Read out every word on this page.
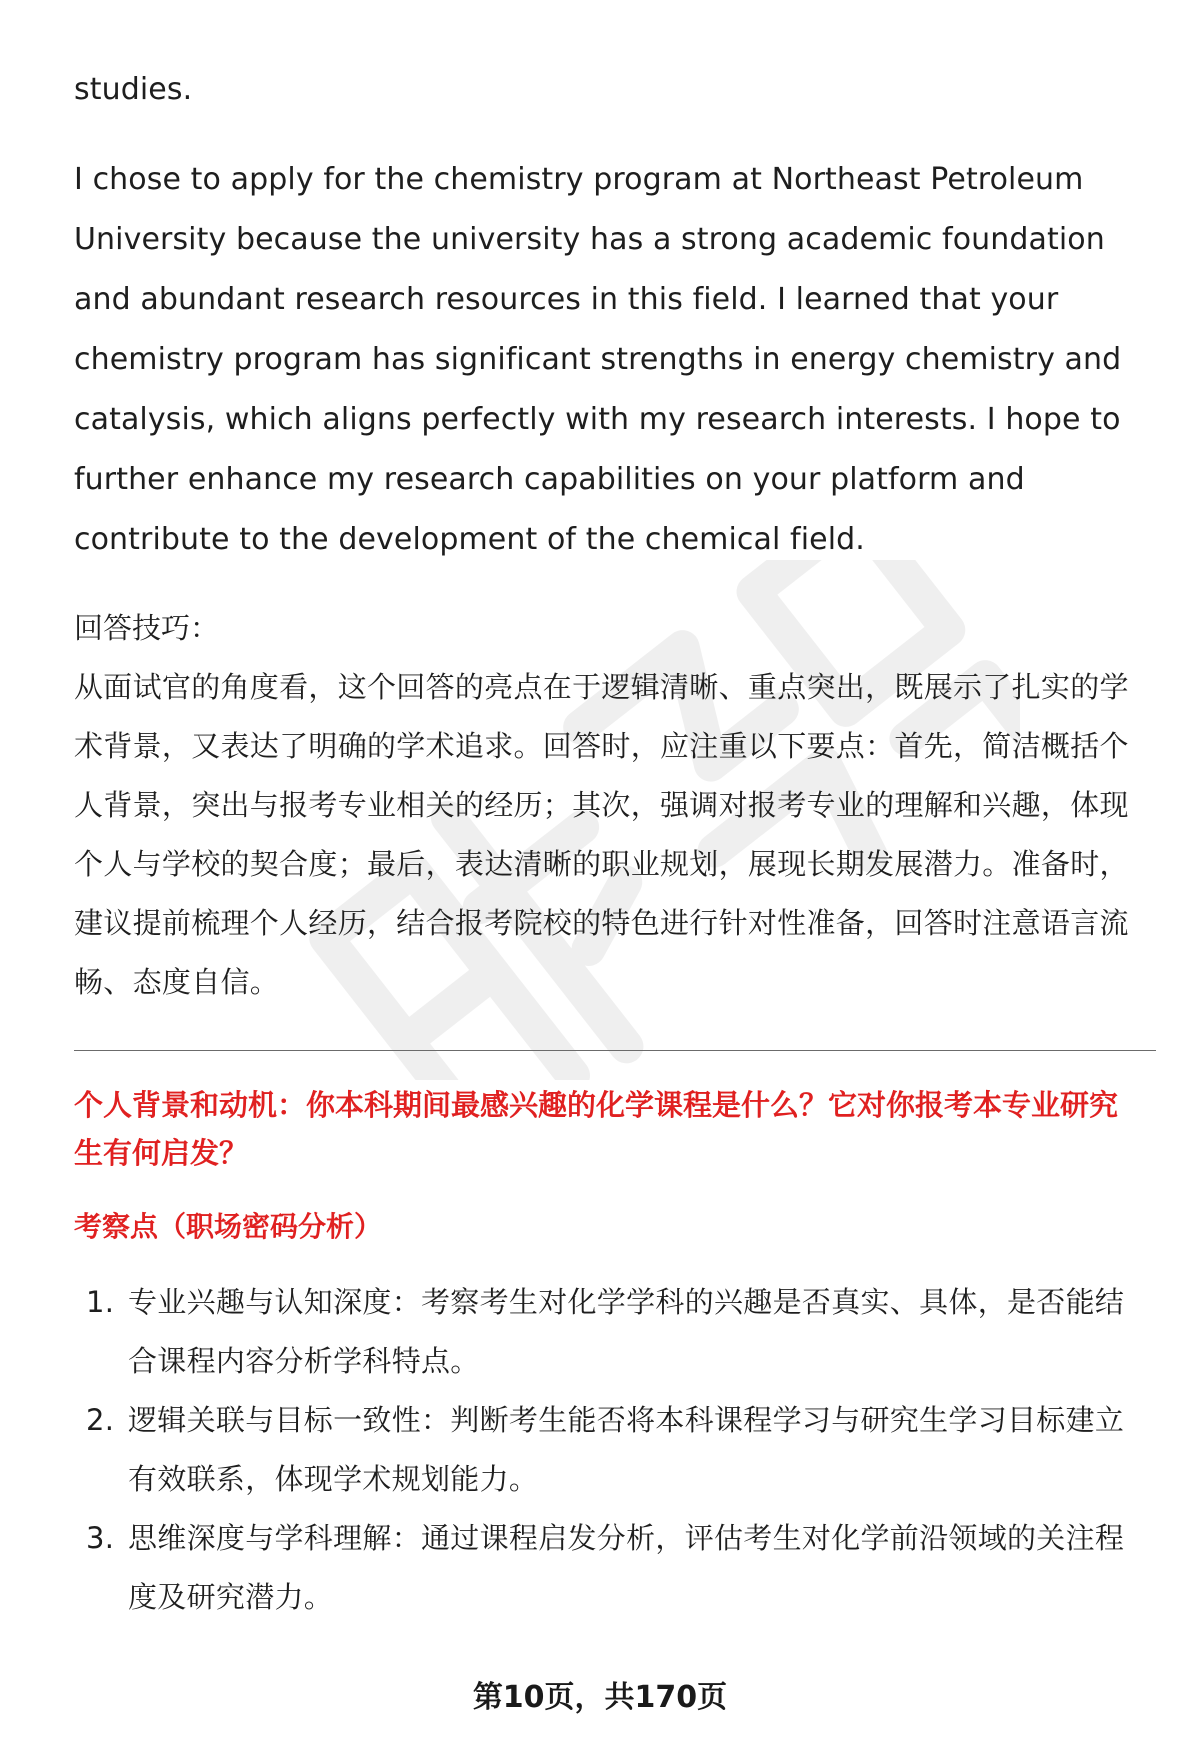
studies.

I chose to apply for the chemistry program at Northeast Petroleum University because the university has a strong academic foundation and abundant research resources in this field. I learned that your chemistry program has significant strengths in energy chemistry and catalysis, which aligns perfectly with my research interests. I hope to further enhance my research capabilities on your platform and contribute to the development of the chemical field.

回答技巧：

从面试官的角度看，这个回答的亮点在于逻辑清晰、重点突出，既展示了扎实的学术背景，又表达了明确的学术追求。回答时，应注重以下要点：首先，简洁概括个人背景，突出与报考专业相关的经历；其次，强调对报考专业的理解和兴趣，体现个人与学校的契合度；最后，表达清晰的职业规划，展现长期发展潜力。准备时，建议提前梳理个人经历，结合报考院校的特色进行针对性准备，回答时注意语言流畅、态度自信。

个人背景和动机：你本科期间最感兴趣的化学课程是什么？它对你报考本专业研究生有何启发？

考察点（职场密码分析）

1. 专业兴趣与认知深度：考察考生对化学学科的兴趣是否真实、具体，是否能结合课程内容分析学科特点。
2. 逻辑关联与目标一致性：判断考生能否将本科课程学习与研究生学习目标建立有效联系，体现学术规划能力。
3. 思维深度与学科理解：通过课程启发分析，评估考生对化学前沿领域的关注程度及研究潜力。
第10页，共170页
